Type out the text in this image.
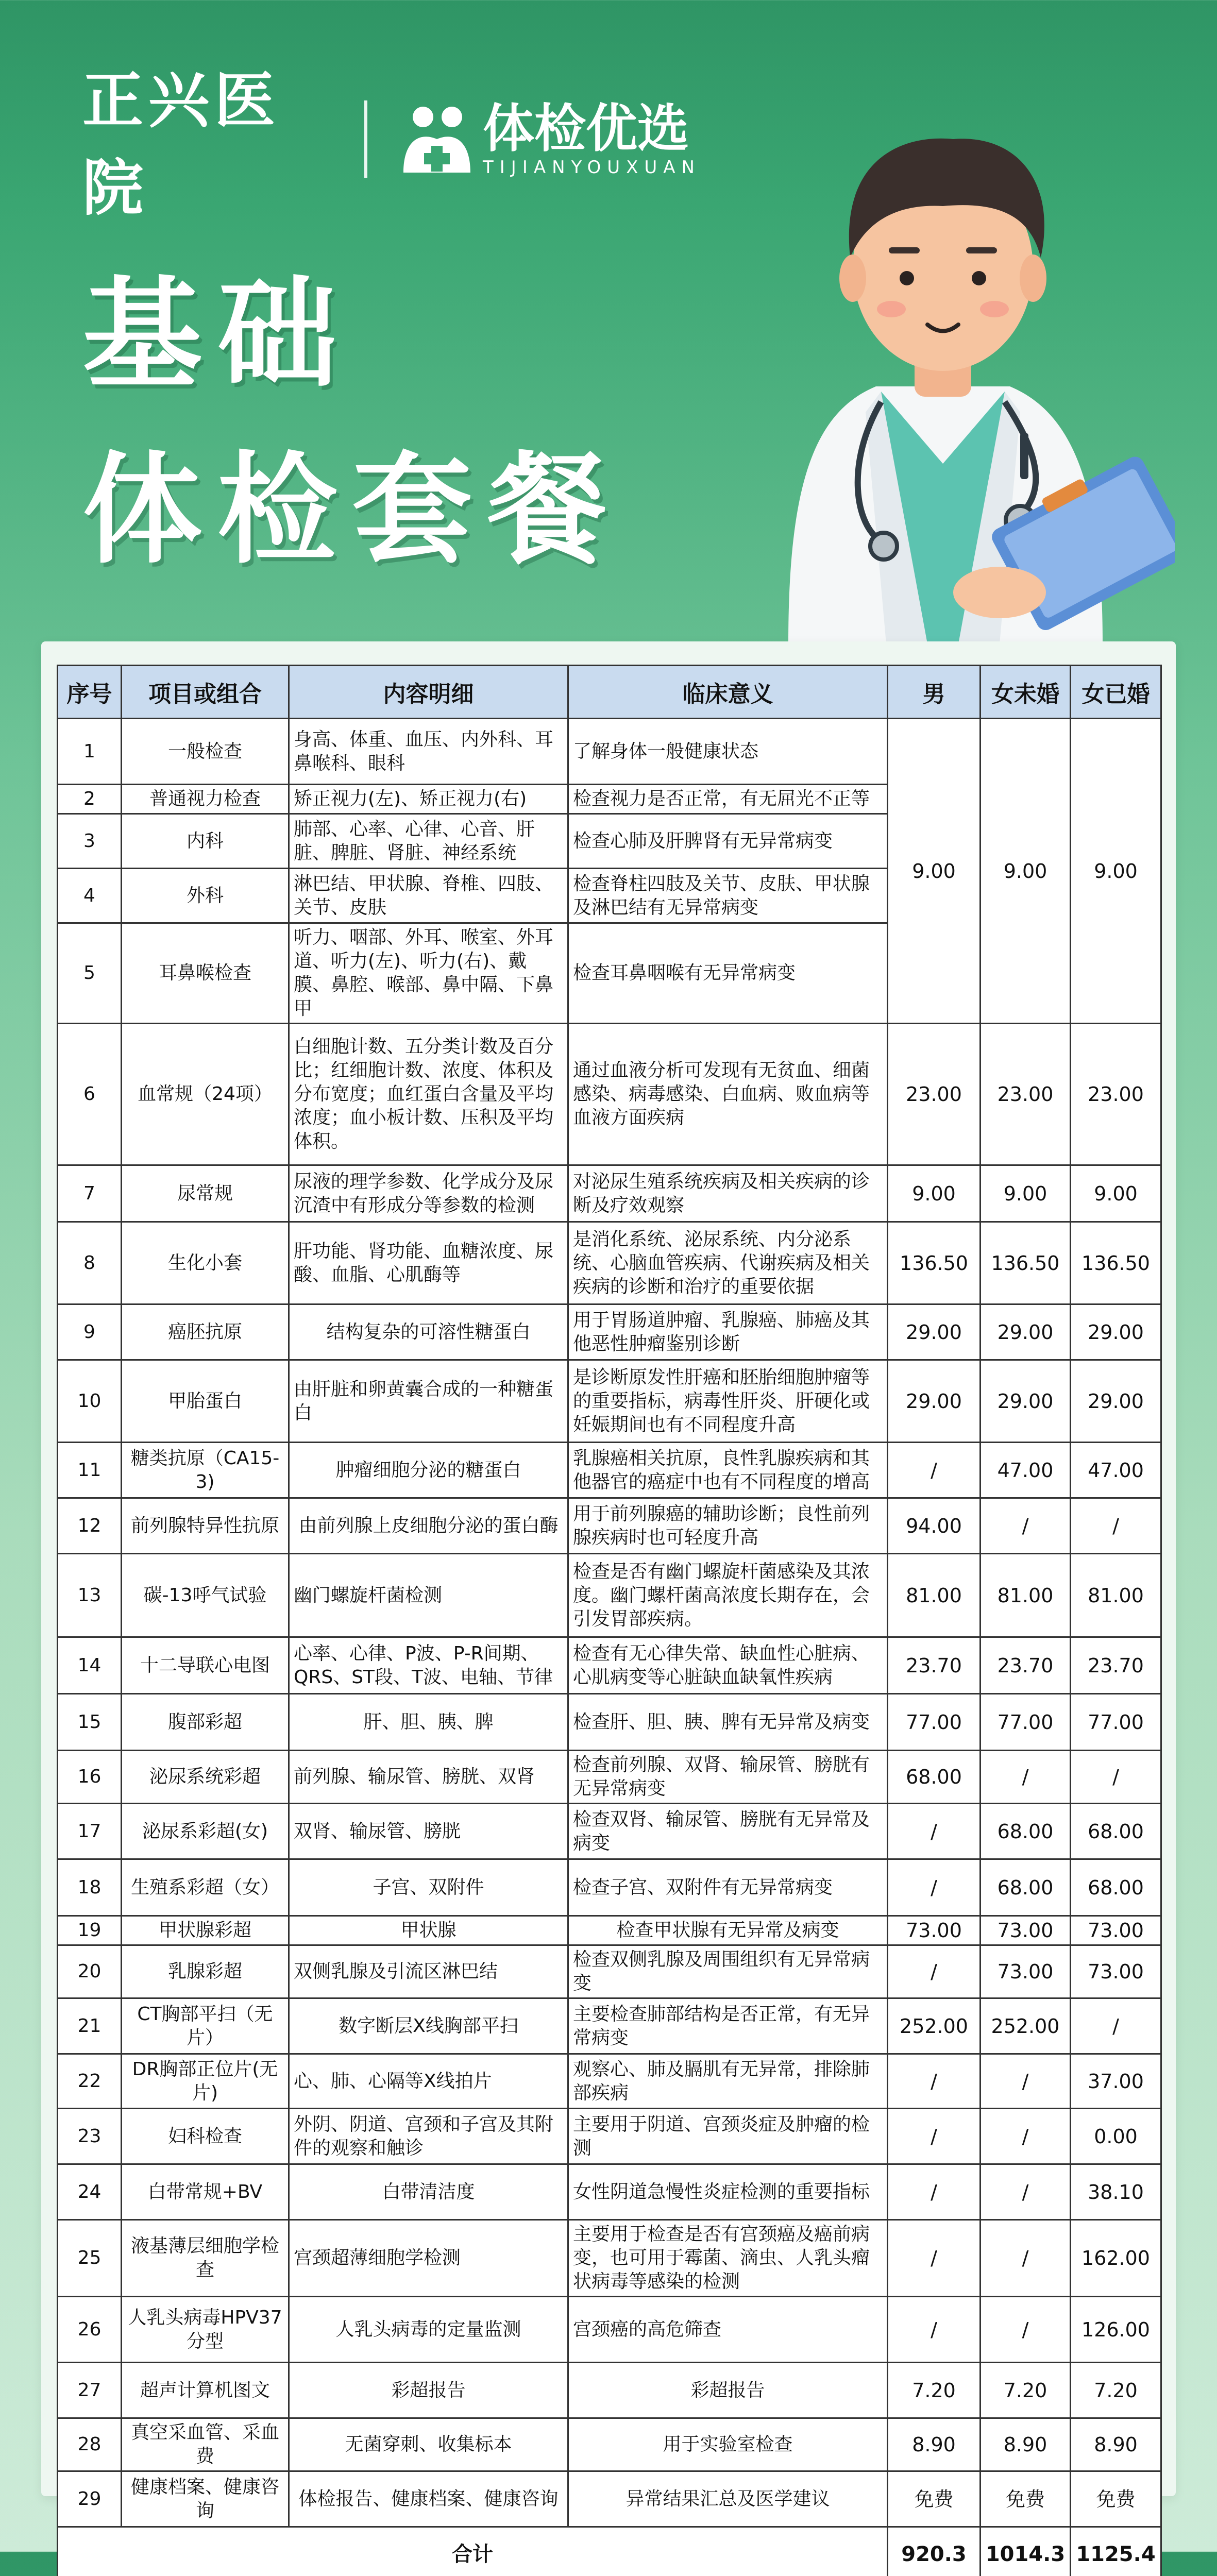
正兴医院
体检优选
TIJIANYOUXUAN
基础
体检套餐
序号	项目或组合	内容明细	临床意义	男	女未婚	女已婚
1	一般检查	身高、体重、血压、内外科、耳鼻喉科、眼科	了解身体一般健康状态	9.00	9.00	9.00
2	普通视力检查	矫正视力(左)、矫正视力(右)	检查视力是否正常，有无屈光不正等			
3	内科	肺部、心率、心律、心音、肝脏、脾脏、肾脏、神经系统	检查心肺及肝脾肾有无异常病变			
4	外科	淋巴结、甲状腺、脊椎、四肢、关节、皮肤	检查脊柱四肢及关节、皮肤、甲状腺及淋巴结有无异常病变			
5	耳鼻喉检查	听力、咽部、外耳、喉室、外耳道、听力(左)、听力(右)、戴膜、鼻腔、喉部、鼻中隔、下鼻甲	检查耳鼻咽喉有无异常病变			
6	血常规（24项）	白细胞计数、五分类计数及百分比；红细胞计数、浓度、体积及分布宽度；血红蛋白含量及平均浓度；血小板计数、压积及平均体积。	通过血液分析可发现有无贫血、细菌感染、病毒感染、白血病、败血病等血液方面疾病	23.00	23.00	23.00
7	尿常规	尿液的理学参数、化学成分及尿沉渣中有形成分等参数的检测	对泌尿生殖系统疾病及相关疾病的诊断及疗效观察	9.00	9.00	9.00
8	生化小套	肝功能、肾功能、血糖浓度、尿酸、血脂、心肌酶等	是消化系统、泌尿系统、内分泌系统、心脑血管疾病、代谢疾病及相关疾病的诊断和治疗的重要依据	136.50	136.50	136.50
9	癌胚抗原	结构复杂的可溶性糖蛋白	用于胃肠道肿瘤、乳腺癌、肺癌及其他恶性肿瘤鉴别诊断	29.00	29.00	29.00
10	甲胎蛋白	由肝脏和卵黄囊合成的一种糖蛋白	是诊断原发性肝癌和胚胎细胞肿瘤等的重要指标，病毒性肝炎、肝硬化或妊娠期间也有不同程度升高	29.00	29.00	29.00
11	糖类抗原（CA15-3)	肿瘤细胞分泌的糖蛋白	乳腺癌相关抗原，良性乳腺疾病和其他器官的癌症中也有不同程度的增高	/	47.00	47.00
12	前列腺特异性抗原	由前列腺上皮细胞分泌的蛋白酶	用于前列腺癌的辅助诊断；良性前列腺疾病时也可轻度升高	94.00	/	/
13	碳-13呼气试验	幽门螺旋杆菌检测	检查是否有幽门螺旋杆菌感染及其浓度。幽门螺杆菌高浓度长期存在，会引发胃部疾病。	81.00	81.00	81.00
14	十二导联心电图	心率、心律、P波、P-R间期、QRS、ST段、T波、电轴、节律	检查有无心律失常、缺血性心脏病、心肌病变等心脏缺血缺氧性疾病	23.70	23.70	23.70
15	腹部彩超	肝、胆、胰、脾	检查肝、胆、胰、脾有无异常及病变	77.00	77.00	77.00
16	泌尿系统彩超	前列腺、输尿管、膀胱、双肾	检查前列腺、双肾、输尿管、膀胱有无异常病变	68.00	/	/
17	泌尿系彩超(女)	双肾、输尿管、膀胱	检查双肾、输尿管、膀胱有无异常及病变	/	68.00	68.00
18	生殖系彩超（女）	子宫、双附件	检查子宫、双附件有无异常病变	/	68.00	68.00
19	甲状腺彩超	甲状腺	检查甲状腺有无异常及病变	73.00	73.00	73.00
20	乳腺彩超	双侧乳腺及引流区淋巴结	检查双侧乳腺及周围组织有无异常病变	/	73.00	73.00
21	CT胸部平扫（无片）	数字断层X线胸部平扫	主要检查肺部结构是否正常，有无异常病变	252.00	252.00	/
22	DR胸部正位片(无片)	心、肺、心隔等X线拍片	观察心、肺及膈肌有无异常，排除肺部疾病	/	/	37.00
23	妇科检查	外阴、阴道、宫颈和子宫及其附件的观察和触诊	主要用于阴道、宫颈炎症及肿瘤的检测	/	/	0.00
24	白带常规+BV	白带清洁度	女性阴道急慢性炎症检测的重要指标	/	/	38.10
25	液基薄层细胞学检查	宫颈超薄细胞学检测	主要用于检查是否有宫颈癌及癌前病变，也可用于霉菌、滴虫、人乳头瘤状病毒等感染的检测	/	/	162.00
26	人乳头病毒HPV37分型	人乳头病毒的定量监测	宫颈癌的高危筛查	/	/	126.00
27	超声计算机图文	彩超报告	彩超报告	7.20	7.20	7.20
28	真空采血管、采血费	无菌穿刺、收集标本	用于实验室检查	8.90	8.90	8.90
29	健康档案、健康咨询	体检报告、健康档案、健康咨询	异常结果汇总及医学建议	免费	免费	免费
合计				920.3	1014.3	1125.4
